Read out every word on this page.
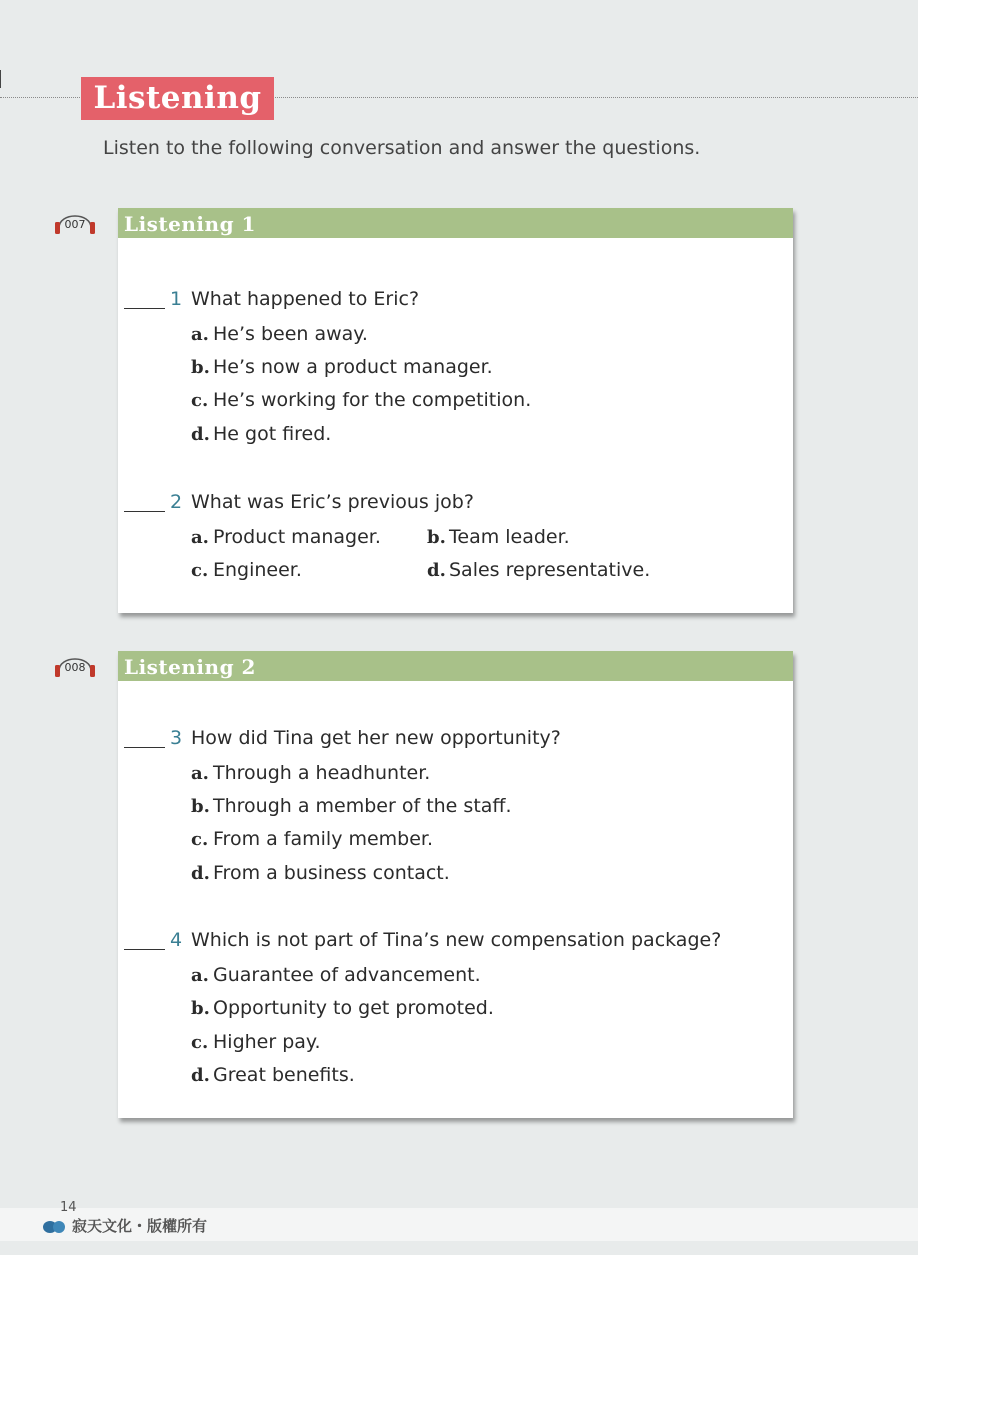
Listening
Listen to the following conversation and answer the questions.
007	Listening 1
1 What happened to Eric?
a. He’s been away.
b. He’s now a product manager.
c. He’s working for the competition.
d. He got fired.
2 What was Eric’s previous job?
a. Product manager.	b. Team leader.
c. Engineer.	d. Sales representative.
008	Listening 2
3 How did Tina get her new opportunity?
a. Through a headhunter.
b. Through a member of the staff.
c. From a family member.
d. From a business contact.
4 Which is not part of Tina’s new compensation package?
a. Guarantee of advancement.
b. Opportunity to get promoted.
c. Higher pay.
d. Great benefits.
14
寂天文化・版權所有
